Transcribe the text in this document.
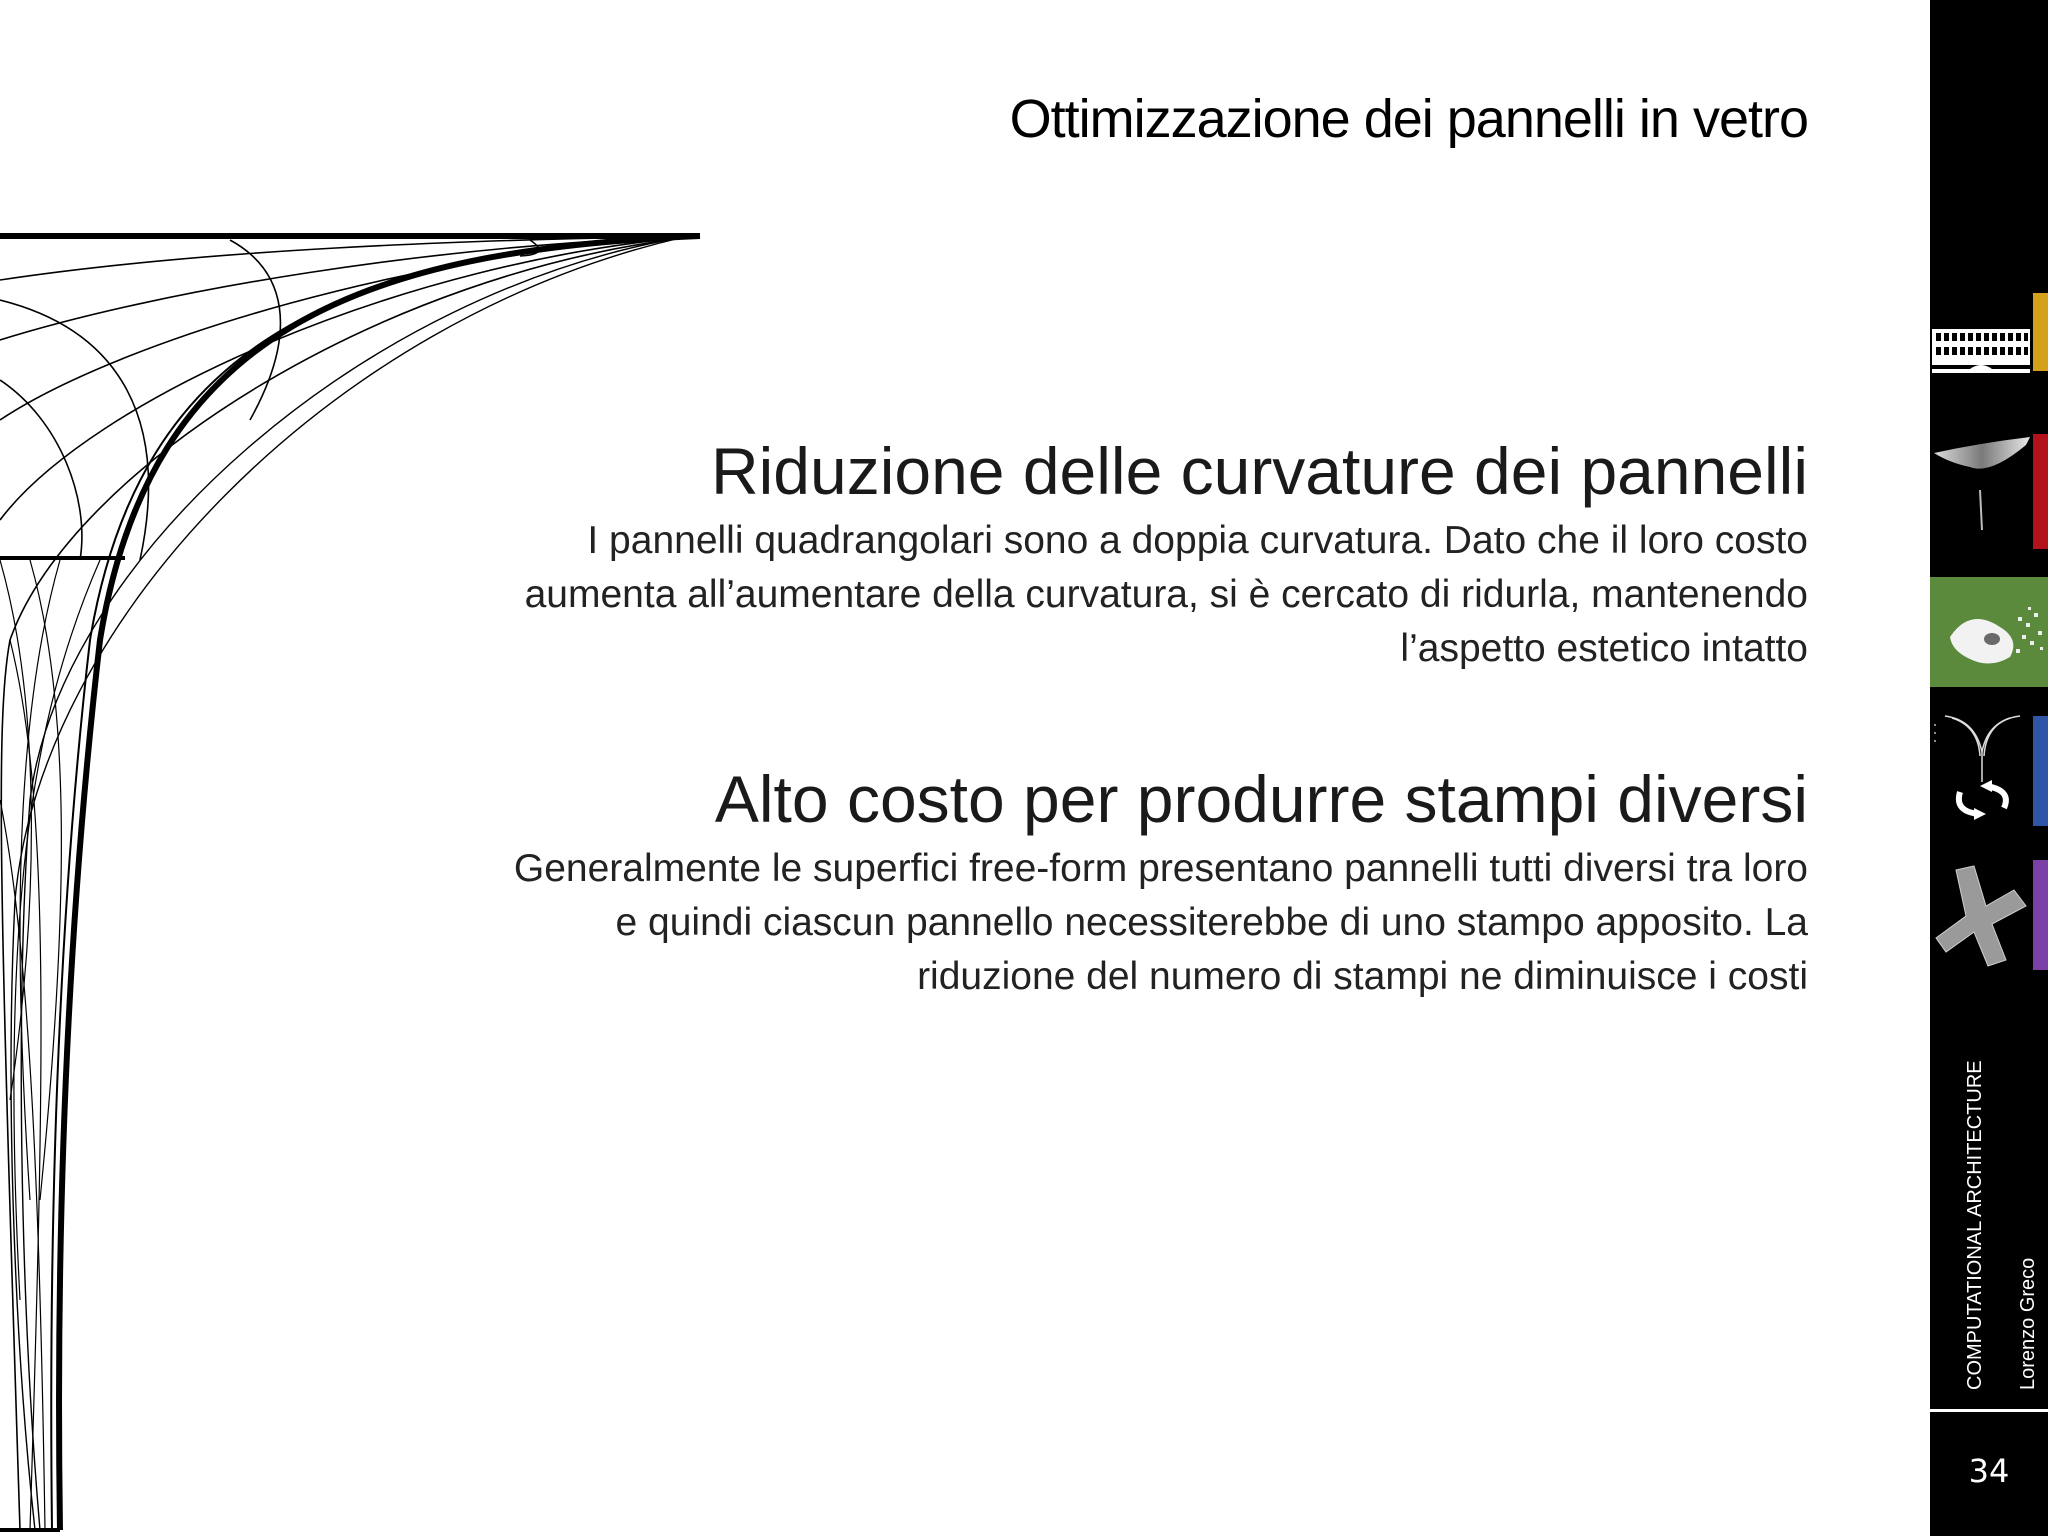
Ottimizzazione dei pannelli in vetro
Riduzione delle curvature dei pannelli
I pannelli quadrangolari sono a doppia curvatura. Dato che il loro costo
aumenta all’aumentare della curvatura, si è cercato di ridurla, mantenendo
l’aspetto estetico intatto
Alto costo per produrre stampi diversi
Generalmente le superfici free-form presentano pannelli tutti diversi tra loro
e quindi ciascun pannello necessiterebbe di uno stampo apposito. La
riduzione del numero di stampi ne diminuisce i costi
COMPUTATIONAL ARCHITECTURE Lorenzo Greco
34
